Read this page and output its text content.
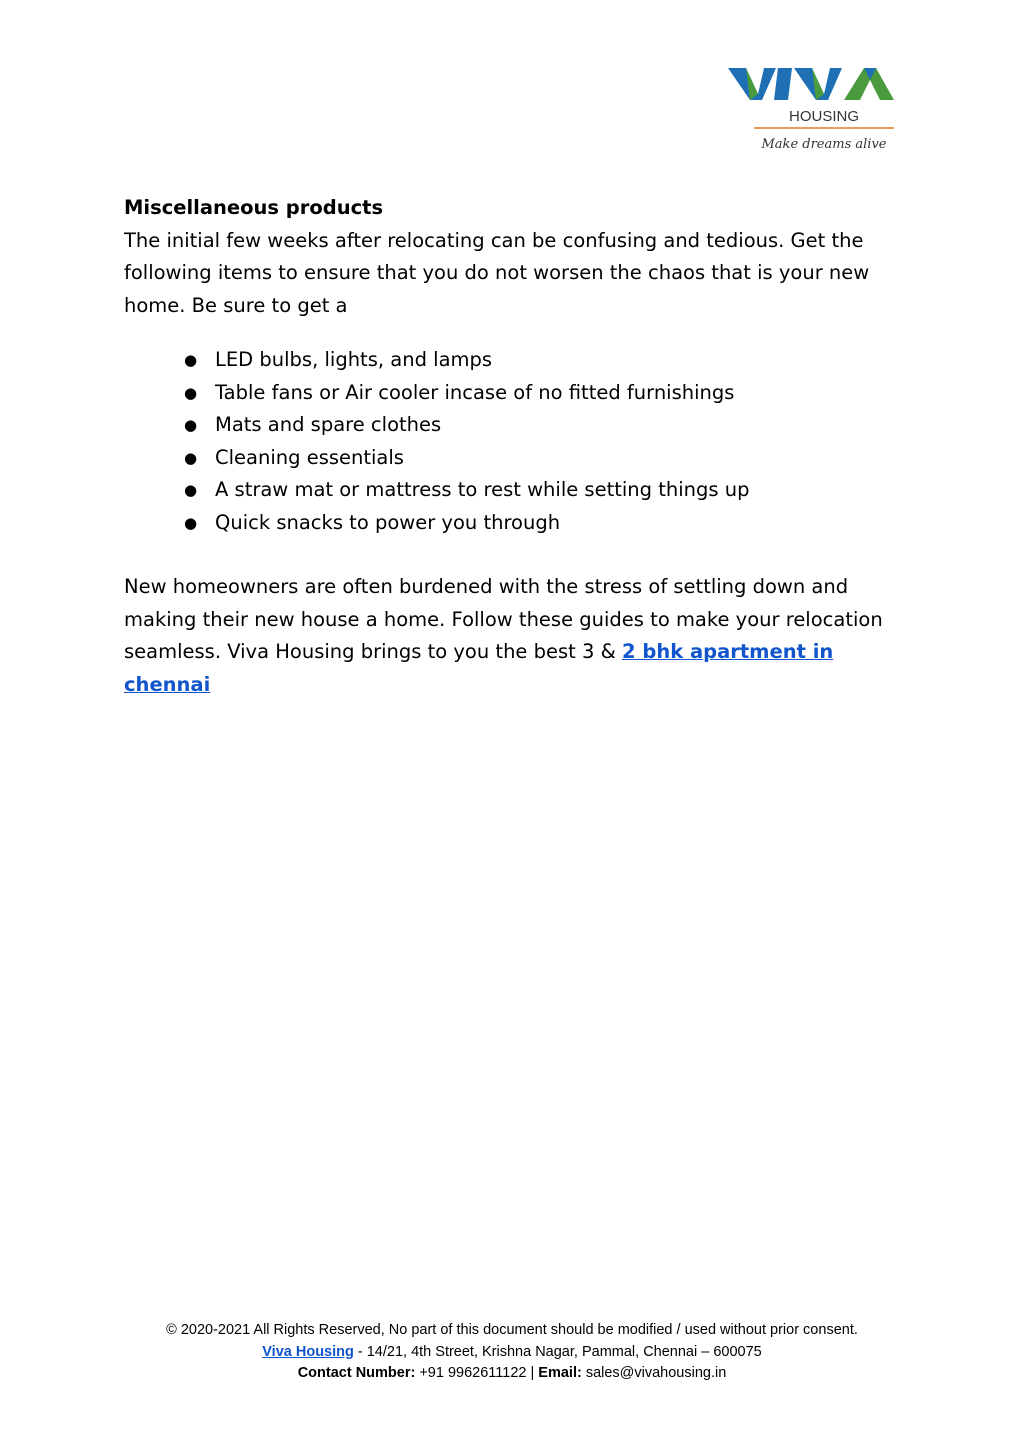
HOUSING
Make dreams alive

Miscellaneous products

The initial few weeks after relocating can be confusing and tedious. Get the following items to ensure that you do not worsen the chaos that is your new home. Be sure to get a

● LED bulbs, lights, and lamps
● Table fans or Air cooler incase of no fitted furnishings
● Mats and spare clothes
● Cleaning essentials
● A straw mat or mattress to rest while setting things up
● Quick snacks to power you through

New homeowners are often burdened with the stress of settling down and making their new house a home. Follow these guides to make your relocation seamless. Viva Housing brings to you the best 3 & 2 bhk apartment in chennai

© 2020-2021 All Rights Reserved, No part of this document should be modified / used without prior consent.
Viva Housing - 14/21, 4th Street, Krishna Nagar, Pammal, Chennai – 600075
Contact Number: +91 9962611122 | Email: sales@vivahousing.in
